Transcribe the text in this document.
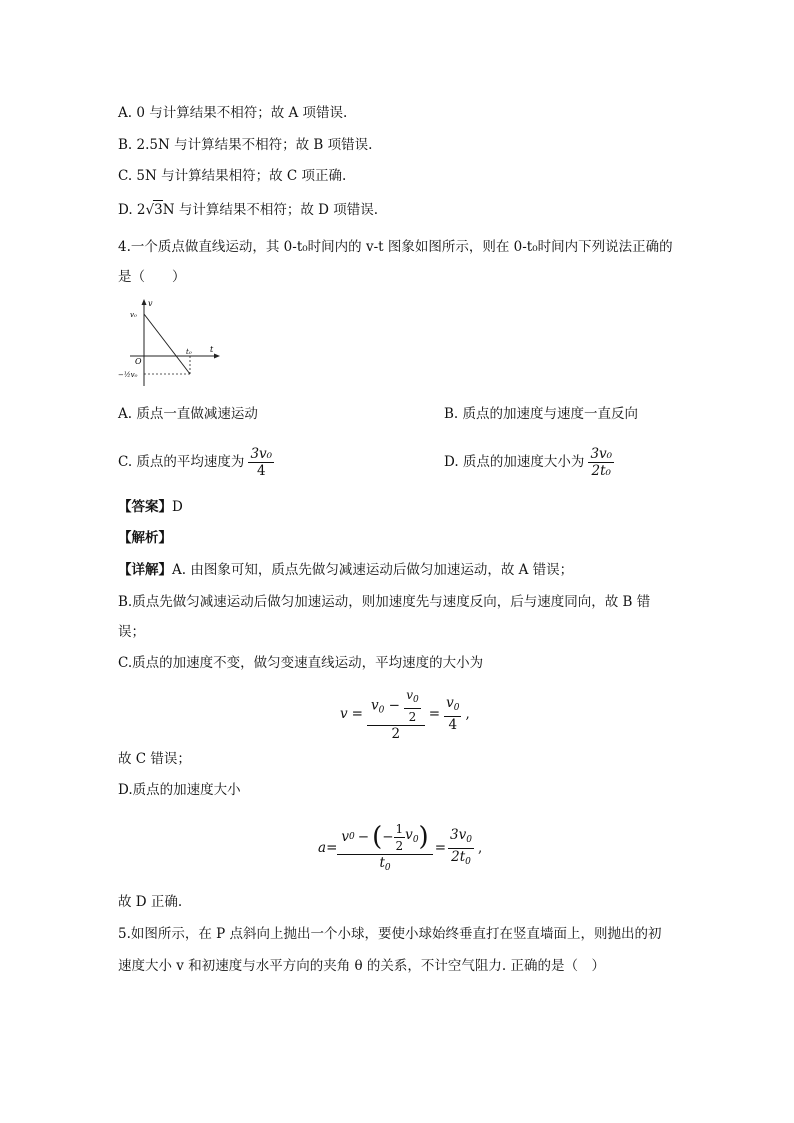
A. 0 与计算结果不相符；故 A 项错误.
B. 2.5N 与计算结果不相符；故 B 项错误.
C. 5N 与计算结果相符；故 C 项正确.
D. 2√3N 与计算结果不相符；故 D 项错误.
4.一个质点做直线运动，其 0-t₀时间内的 v-t 图象如图所示，则在 0-t₀时间内下列说法正确的
是（　　）
v
t
O
v₀
t₀
−½v₀
A. 质点一直做减速运动	B. 质点的加速度与速度一直反向
C. 质点的平均速度为 $\frac{\text{3v₀}}{4}$	D. 质点的加速度大小为 $\frac{\text{3v₀}}{\text{2t₀}}$
【答案】D
【解析】
【详解】A. 由图象可知，质点先做匀减速运动后做匀加速运动，故 A 错误；
B.质点先做匀减速运动后做匀加速运动，则加速度先与速度反向，后与速度同向，故 B 错
误；
C.质点的加速度不变，做匀变速直线运动，平均速度的大小为
$v = \frac{v_0 - \frac{v_0}{2}}{2} = \frac{v_0}{4}$ ,
故 C 错误；
D.质点的加速度大小
$a = \frac{v 0 - ( - \frac{1}{2} v_0 )}{t_0} = \frac{3v_0}{2t_0}$ ,
故 D 正确.
5.如图所示，在 P 点斜向上抛出一个小球，要使小球始终垂直打在竖直墙面上，则抛出的初
速度大小 v 和初速度与水平方向的夹角 θ 的关系，不计空气阻力. 正确的是（　）
